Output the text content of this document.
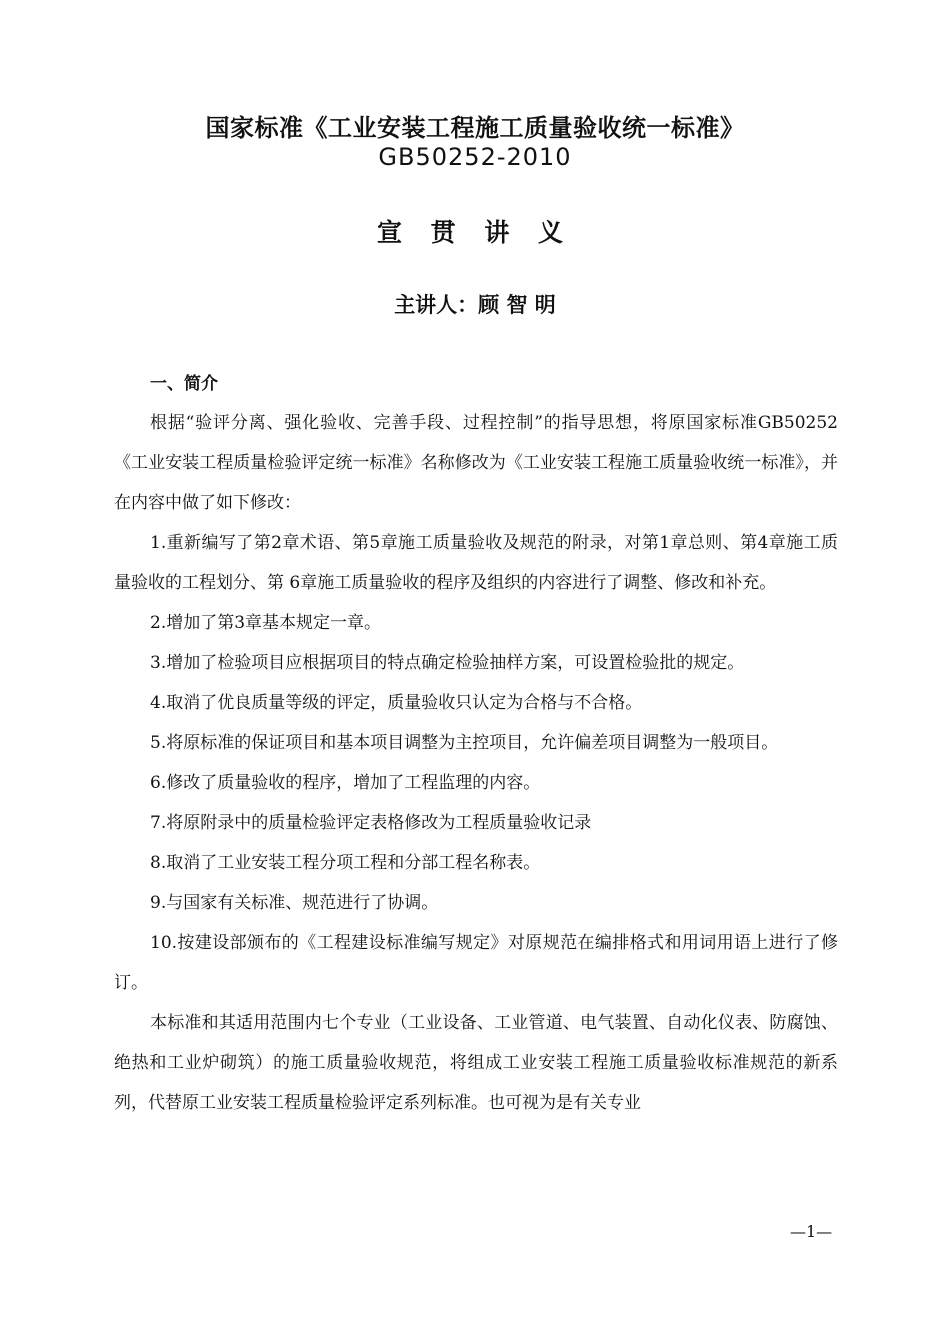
国家标准《工业安装工程施工质量验收统一标准》
GB50252-2010
宣 贯 讲 义
主讲人：顾 智 明
一、简介

根据“验评分离、强化验收、完善手段、过程控制”的指导思想，将原国家标准GB50252《工业安装工程质量检验评定统一标准》名称修改为《工业安装工程施工质量验收统一标准》，并在内容中做了如下修改：

1.重新编写了第2章术语、第5章施工质量验收及规范的附录，对第1章总则、第4章施工质量验收的工程划分、第 6章施工质量验收的程序及组织的内容进行了调整、修改和补充。

2.增加了第3章基本规定一章。

3.增加了检验项目应根据项目的特点确定检验抽样方案，可设置检验批的规定。

4.取消了优良质量等级的评定，质量验收只认定为合格与不合格。

5.将原标准的保证项目和基本项目调整为主控项目，允许偏差项目调整为一般项目。

6.修改了质量验收的程序，增加了工程监理的内容。

7.将原附录中的质量检验评定表格修改为工程质量验收记录

8.取消了工业安装工程分项工程和分部工程名称表。

9.与国家有关标准、规范进行了协调。

10.按建设部颁布的《工程建设标准编写规定》对原规范在编排格式和用词用语上进行了修订。

本标准和其适用范围内七个专业（工业设备、工业管道、电气装置、自动化仪表、防腐蚀、绝热和工业炉砌筑）的施工质量验收规范，将组成工业安装工程施工质量验收标准规范的新系列，代替原工业安装工程质量检验评定系列标准。也可视为是有关专业

—1—
